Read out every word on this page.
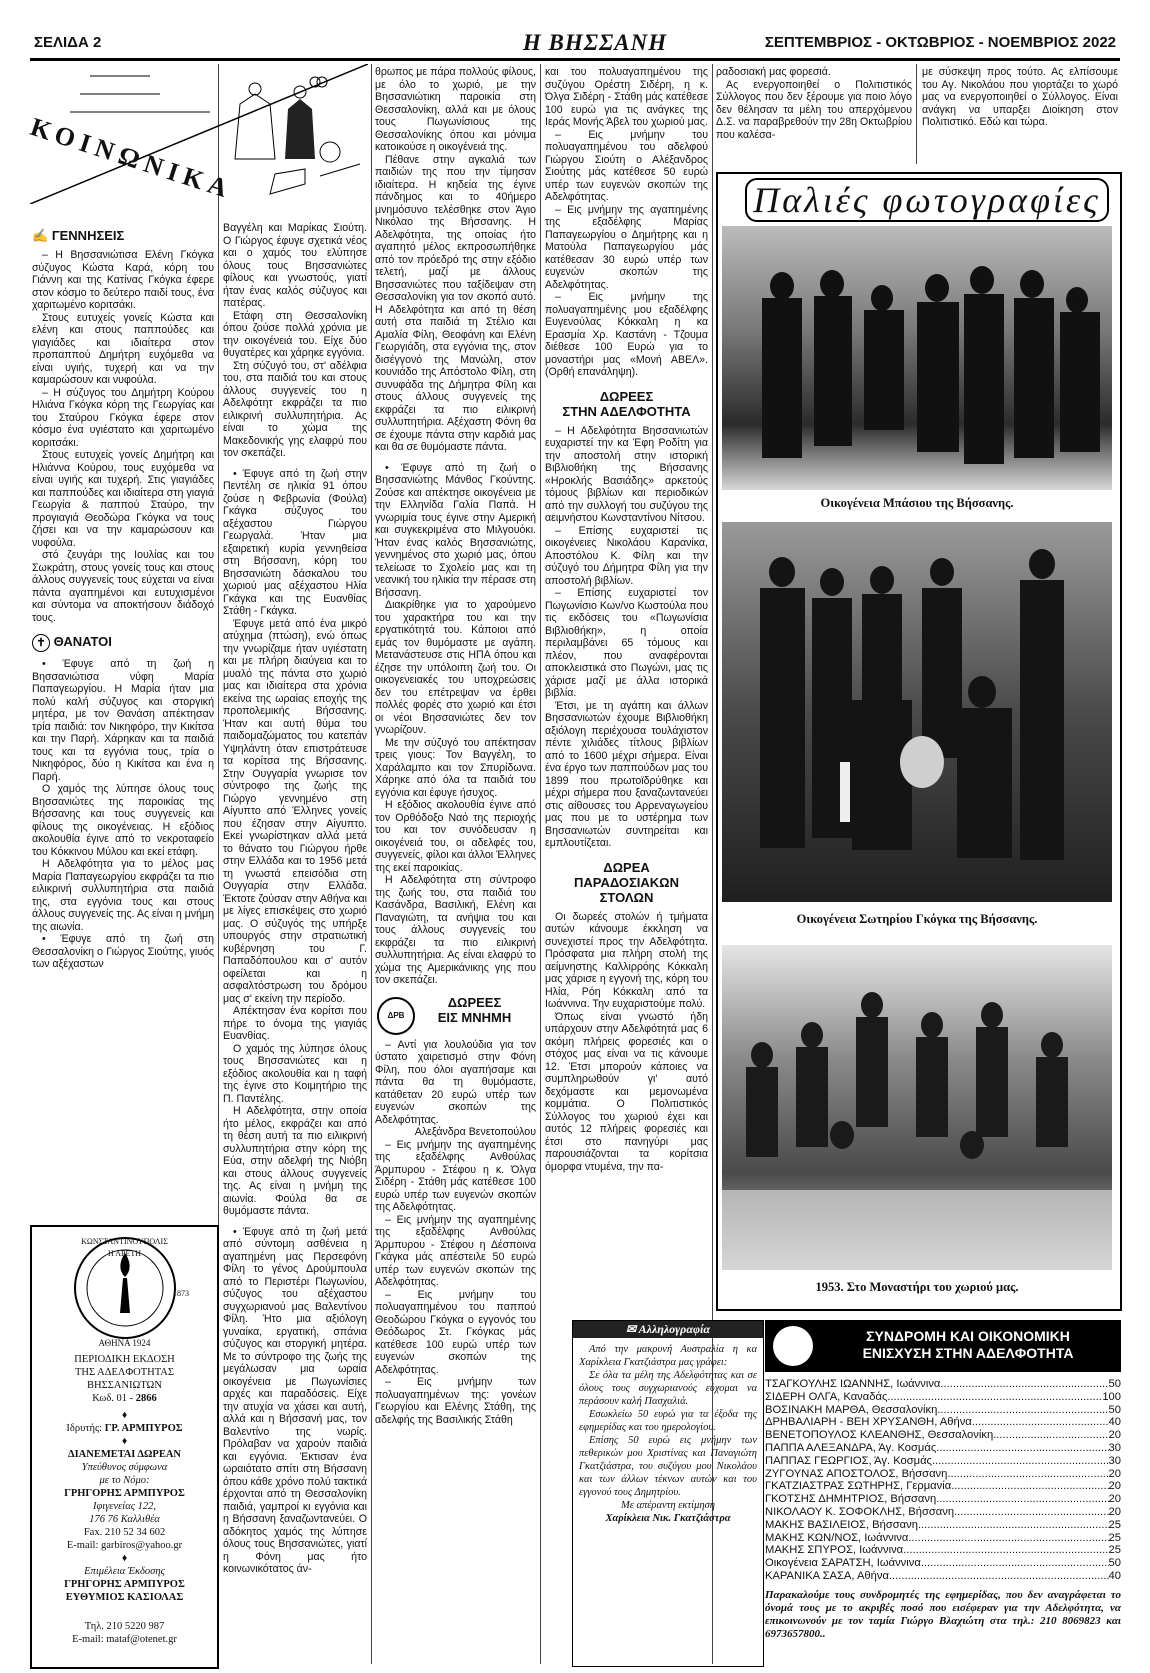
ΣΕΛΙΔΑ 2	Η ΒΗΣΣΑΝΗ	ΣΕΠΤΕΜΒΡΙΟΣ - ΟΚΤΩΒΡΙΟΣ - ΝΟΕΜΒΡΙΟΣ 2022
ΚΟΙΝΩΝΙΚΑ
✍ ΓΕΝΝΗΣΕΙΣ

– Η Βησσανιώτισα Ελένη Γκόγκα σύζυγος Κώστα Καρά, κόρη του Γιάννη και της Κατίνας Γκόγκα έφερε στον κόσμο το δεύτερο παιδί τους, ένα χαριτωμένο κοριτσάκι.

Στους ευτυχείς γονείς Κώστα και ελένη και στους παππούδες και γιαγιάδες και ιδιαίτερα στον προπαππού Δημήτρη ευχόμεθα να είναι υγιής, τυχερή και να την καμαρώσουν και νυφούλα.

– Η σύζυγος του Δημήτρη Κούρου Ηλιάνα Γκόγκα κόρη της Γεωργίας και του Σταύρου Γκόγκα έφερε στον κόσμο ένα υγιέστατο και χαριτωμένο κοριτσάκι.

Στους ευτυχείς γονείς Δημήτρη και Ηλιάννα Κούρου, τους ευχόμεθα να είναι υγιής και τυχερή. Στις γιαγιάδες και παππούδες και ιδιαίτερα στη γιαγιά Γεωργία & παππού Σταύρο, την προγιαγιά Θεοδώρα Γκόγκα να τους ζήσει και να την καμαρώσουν και νυφούλα.

στό ζευγάρι της Ιουλίας και του Σωκράτη, στους γονείς τους και στους άλλους συγγενείς τους εύχεται να είναι πάντα αγαπημένοι και ευτυχισμένοι και σύντομα να αποκτήσουν διάδοχό τους.

✝ ΘΑΝΑΤΟΙ

• Έφυγε από τη ζωή η Βησσανιώτισα νύφη Μαρία Παπαγεωργίου. Η Μαρία ήταν μια πολύ καλή σύζυγος και στοργική μητέρα, με τον Θανάση απέκτησαν τρία παιδιά: τον Νικηφόρο, την Κικίτσα και την Παρή. Χάρηκαν και τα παιδιά τους και τα εγγόνια τους, τρία ο Νικηφόρος, δύο η Κικίτσα και ένα η Παρή.

Ο χαμός της λύπησε όλους τους Βησσανιώτες της παροικίας της Βήσσανης και τους συγγενείς και φίλους της οικογένειας. Η εξόδιος ακολουθία έγινε από το νεκροταφείο του Κόκκινου Μύλου και εκεί ετάφη.

Η Αδελφότητα για το μέλος μας Μαρία Παπαγεωργίου εκφράζει τα πιο ειλικρινή συλλυπητήρια στα παιδιά της, στα εγγόνια τους και στους άλλους συγγενείς της. Ας είναι η μνήμη της αιωνία.

• Έφυγε από τη ζωή στη Θεσσαλονίκη ο Γιώργος Σιούτης, γιυός των αξέχαστων

ΚΩΝΣΤΑΝΤΙΝΟΥΠΟΛΙΣ
Η ΑΡΕΤΗ
1873
ΑΘΗΝΑ 1924
ΠΕΡΙΟΔΙΚΗ ΕΚΔΟΣΗ
ΤΗΣ ΑΔΕΛΦΟΤΗΤΑΣ
ΒΗΣΣΑΝΙΩΤΩΝ
Κωδ. 01 - 2866
♦
Ιδρυτής: ΓΡ. ΑΡΜΠΥΡΟΣ
♦
ΔΙΑΝΕΜΕΤΑΙ ΔΩΡΕΑΝ
Υπεύθυνος σύμφωνα
με το Νόμο:
ΓΡΗΓΟΡΗΣ ΑΡΜΠΥΡΟΣ
Ιφιγενείας 122,
176 76 Καλλιθέα
Fax. 210 52 34 602
E-mail: garbiros@yahoo.gr
♦
Επιμέλεια Έκδοσης
ΓΡΗΓΟΡΗΣ ΑΡΜΠΥΡΟΣ
ΕΥΘΥΜΙΟΣ ΚΑΣΙΟΛΑΣ
Τηλ. 210 5220 987
E-mail: mataf@otenet.gr

Βαγγέλη και Μαρίκας Σιούτη. Ο Γιώργος έφυγε σχετικά νέος και ο χαμός του ελύπησε όλους τους Βησσανιώτες φίλους και γνωστούς, γιατί ήταν ένας καλός σύζυγος και πατέρας.

Ετάφη στη Θεσσαλονίκη όπου ζούσε πολλά χρόνια με την οικογένειά του. Είχε δύο θυγατέρες και χάρηκε εγγόνια.

Στη σύζυγό του, στ' αδέλφια του, στα παιδιά του και στους άλλους συγγενείς του η Αδελφότητ εκφράζει τα πιο ειλικρινή συλλυπητήρια. Ας είναι το χώμα της Μακεδονικής γης ελαφρύ που τον σκεπάζει.

• Έφυγε από τη ζωή στην Πεντέλη σε ηλικία 91 όπου ζούσε η Φεβρωνία (Φούλα) Γκάγκα σύζυγος του αξέχαστου Γιώργου Γεωργαλά. Ήταν μια εξαιρετική κυρία γεννηθείσα στη Βήσσανη, κόρη του Βησσανιώτη δάσκαλου του χωριού μας αξέχαστου Ηλία Γκάγκα και της Ευανθίας Στάθη - Γκάγκα.

Έφυγε μετά από ένα μικρό ατύχημα (πτώση), ενώ όπως την γνωρίζαμε ήταν υγιέστατη και με πλήρη διαύγεια και το μυαλό της πάντα στο χωριό μας και ιδιαίτερα στα χρόνια εκείνα της ωραίας εποχής της προπολεμικής Βήσσανης. Ήταν και αυτή θύμα του παιδομαζώματος του κατεπάν Υψηλάντη όταν επιστράτευσε τα κορίτσα της Βήσσανης. Στην Ουγγαρία γνωρισε τον σύντροφο της ζωής της Γιώργο γεννημένο στη Αίγυπτο από Έλληνες γονείς που έζησαν στην Αίγυπτο. Εκεί γνωρίστηκαν αλλά μετά το θάνατο του Γιώργου ήρθε στην Ελλάδα και το 1956 μετά τη γνωστά επεισόδια στη Ουγγαρία στην Ελλάδα. Έκτοτε ζούσαν στην Αθήνα και με λίγες επισκέψεις στο χωριό μας. Ο σύζυγός της υπήρξε υπουργός στην στρατιωτική κυβέρνηση του Γ. Παπαδόπουλου και σ' αυτόν οφείλεται και η ασφαλτόστρωση του δρόμου μας σ' εκείνη την περίοδο.

Απέκτησαν ένα κορίτσι που πήρε το όνομα της γιαγιάς Ευανθίας.

Ο χαμός της λύπησε όλους τους Βησσανιώτες και η εξόδιος ακολουθία και η ταφή της έγινε στο Κοιμητήριο της Π. Παντέλης.

Η Αδελφότητα, στην οποία ήτο μέλος, εκφράζει και από τη θέση αυτή τα πιο ειλικρινή συλλυπητήρια στην κόρη της Εύα, στην αδελφή της Νιόβη και στους άλλους συγγενείς της. Ας είναι η μνήμη της αιωνία. Φούλα θα σε θυμόμαστε πάντα.

• Έφυγε από τη ζωή μετά από σύντομη ασθένεια η αγαπημένη μας Περσεφόνη Φίλη το γένος Δρούμπουλα από το Περιστέρι Πωγωνίου, σύζυγος του αξέχαστου συγχωριανού μας Βαλεντίνου Φίλη. Ήτο μια αξιόλογη γυναίκα, εργατική, σπάνια σύζυγος και στοργική μητέρα. Με το σύντροφο της ζωής της μεγάλωσαν μια ωραία οικογένεια με Πωγωνίσιες αρχές και παραδόσεις. Είχε την ατυχία να χάσει και αυτή, αλλά και η Βήσσανή μας, τον Βαλεντίνο της νωρίς. Πρόλαβαν να χαρούν παιδιά και εγγόνια. Έκτισαν ένα ωραιότατο σπίτι στη Βήσσανη όπου κάθε χρόνο πολύ τακτικά έρχονται από τη Θεσσαλονίκη παιδιά, γαμπροί κι εγγόνια και η Βήσσανη ξαναζωντανεύει. Ο αδόκητος χαμός της λύπησε όλους τους Βησσανιώτες, γιατί η Φόνη μας ήτο κοινωνικότατος άν-

θρωπος με πάρα πολλούς φίλους, με όλο το χωριό, με την Βησσανιώτικη παροικία στη Θεσσαλονίκη, αλλά και με όλους τους Πωγωνίσιους της Θεσσαλονίκης όπου και μόνιμα κατοικούσε η οικογένειά της.

Πέθανε στην αγκαλιά των παιδιών της που την τίμησαν ιδιαίτερα. Η κηδεία της έγινε πάνδημος και το 40ήμερο μνημόσυνο τελέσθηκε στον Άγιο Νικόλαο της Βήσσανης. Η Αδελφότητα, της οποίας ήτο αγαπητό μέλος εκπροσωπήθηκε από τον πρόεδρό της στην εξόδιο τελετή, μαζί με άλλους Βησσανιώτες που ταξίδεψαν στη Θεσσαλονίκη για τον σκοπό αυτό. Η Αδελφότητα και από τη θέση αυτή στα παιδιά τη Στέλιο και Αμαλία Φίλη, Θεοφάνη και Ελένη Γεωργιάδη, στα εγγόνια της, στον δισέγγονό της Μανώλη, στον κουνιάδο της Απόστολο Φίλη, στη συνυφάδα της Δήμητρα Φίλη και στους άλλους συγγενείς της εκφράζει τα πιο ειλικρινή συλλυπητήρια. Αξέχαστη Φόνη θα σε έχουμε πάντα στην καρδιά μας και θα σε θυμόμαστε πάντα.

• Έφυγε από τη ζωή ο Βησσανιώτης Μάνθος Γκούντης. Ζούσε και απέκτησε οικογένεια με την Ελληνίδα Γαλία Παπά. Η γνωριμία τους έγινε στην Αμερική και συγκεκριμένα στο Μιλγουόκι. Ήταν ένας καλός Βησσανιώτης, γεννημένος στο χωριό μας, όπου τελείωσε το Σχολείο μας και τη νεανική του ηλικία την πέρασε στη Βήσσανη.

Διακρίθηκε για το χαρούμενο του χαρακτήρα του και την εργατικότητά του. Κάποιοι από εμάς τον θυμόμαστε με αγάπη. Μετανάστευσε στις ΗΠΑ όπου και έζησε την υπόλοιπη ζωή του. Οι οικογενειακές του υποχρεώσεις δεν του επέτρεψαν να έρθει πολλές φορές στο χωριό και έτσι οι νέοι Βησσανιώτες δεν τον γνωρίζουν.

Με την σύζυγό του απέκτησαν τρεις γιους: Τον Βαγγέλη, το Χαράλαμπο και τον Σπυρίδωνα. Χάρηκε από όλα τα παιδιά του εγγόνια και έφυγε ήσυχος.

Η εξόδιος ακολουθία έγινε από τον Ορθόδοξο Ναό της περιοχής του και τον συνόδευσαν η οικογένειά του, οι αδελφές του, συγγενείς, φίλοι και άλλοι Έλληνες της εκεί παροικίας.

Η Αδελφότητα στη σύντροφο της ζωής του, στα παιδιά του Κασάνδρα, Βασιλική, Ελένη και Παναγιώτη, τα ανήψια του και τους άλλους συγγενείς του εκφράζει τα πιο ειλικρινή συλλυπητήρια. Ας είναι ελαφρύ το χώμα της Αμερικάνικης γης που τον σκεπάζει.

ΔΡΒ
ΔΩΡΕΕΣ
ΕΙΣ ΜΝΗΜΗ

– Αντί για λουλούδια για τον ύστατο χαιρετισμό στην Φόνη Φίλη, που όλοι αγαπήσαμε και πάντα θα τη θυμόμαστε, κατάθεταν 20 ευρώ υπέρ των ευγενών σκοπών της Αδελφότητας.

Αλεξάνδρα Βενετοπούλου

– Εις μνήμην της αγαπημένης της εξαδέλφης Ανθούλας Άρμπυρου - Στέφου η κ. Όλγα Σιδέρη - Στάθη μάς κατέθεσε 100 ευρώ υπέρ των ευγενών σκοπών της Αδελφότητας.

– Εις μνήμην της αγαπημένης της εξαδέλφης Ανθούλας Άρμπυρου - Στέφου η Δέσποινα Γκάγκα μάς απέστειλε 50 ευρώ υπέρ των ευγενών σκοπών της Αδελφότητας.

– Εις μνήμην του πολυαγαπημένου του παππού Θεοδώρου Γκόγκα ο εγγονός του Θεόδωρος Στ. Γκόγκας μάς κατέθεσε 100 ευρώ υπέρ των ευγενών σκοπών της Αδελφότητας.

– Εις μνήμην των πολυαγαπημένων της: γονέων Γεωργίου και Ελένης Στάθη, της αδελφής της Βασιλικής Στάθη

και του πολυαγαπημένου της συζύγου Ορέστη Σιδέρη, η κ. Όλγα Σιδέρη - Στάθη μάς κατέθεσε 100 ευρώ για τις ανάγκες της Ιεράς Μονής Άβελ του χωριού μας.

– Εις μνήμην του πολυαγαπημένου του αδελφού Γιώργου Σιούτη ο Αλέξανδρος Σιούτης μάς κατέθεσε 50 ευρώ υπέρ των ευγενών σκοπών της Αδελφότητας.

– Εις μνήμην της αγαπημένης της εξαδέλφης Μαρίας Παπαγεωργίου ο Δημήτρης και η Ματούλα Παπαγεωργίου μάς κατέθεσαν 30 ευρώ υπέρ των ευγενών σκοπών της Αδελφότητας.

– Εις μνήμην της πολυαγαπημένης μου εξαδέλφης Ευγενούλας Κόκκαλη η κα Ερασμία Χρ. Καστάνη - Τζουμα διέθεσε 100 Ευρώ για το μοναστήρι μας «Μονή ΑΒΕΛ». (Ορθή επανάληψη).

ΔΩΡΕΕΣ
ΣΤΗΝ ΑΔΕΛΦΟΤΗΤΑ

– Η Αδελφότητα Βησσανιωτών ευχαριστεί την κα Έφη Ροδίτη για την αποστολή στην ιστορική Βιβλιοθήκη της Βήσσανης «Ηροκλής Βασιάδης» αρκετούς τόμους βιβλίων και περιοδικών από την συλλογή του συζύγου της αειμνήστου Κωνσταντίνου Νίτσου.

– Επίσης ευχαριστεί τις οικογένειες Νικολάου Καρανίκα, Αποστόλου Κ. Φίλη και την σύζυγό του Δήμητρα Φίλη για την αποστολή βιβλίων.

– Επίσης ευχαριστεί τον Πωγωνίσιο Κων/νο Κωστούλα που τις εκδόσεις του «Πωγωνίσια Βιβλιοθήκη», η οποία περιλαμβάνει 65 τόμους και πλέον, που αναφέρονται αποκλειστικά στο Πωγώνι, μας τις χάρισε μαζί με άλλα ιστορικά βιβλία.

Έτσι, με τη αγάπη και άλλων Βησσανιωτών έχουμε Βιβλιοθήκη αξιόλογη περιέχουσα τουλάχιστον πέντε χιλιάδες τίτλους βιβλίων από το 1600 μέχρι σήμερα. Είναι ένα έργο των παππούδων μας του 1899 που πρωτοϊδρύθηκε και μέχρι σήμερα που ξαναζωντανεύει στις αίθουσες του Αρρεναγωγείου μας που με το υστέρημα των Βησσανιωτών συντηρείται και εμπλουτίζεται.

ΔΩΡΕΑ
ΠΑΡΑΔΟΣΙΑΚΩΝ
ΣΤΟΛΩΝ

Οι δωρεές στολών ή τμήματα αυτών κάνουμε έκκληση να συνεχιστεί προς την Αδελφότητα. Πρόσφατα μια πλήρη στολή της αείμνηστης Καλλιρρόης Κόκκαλη μας χάρισε η εγγονή της, κόρη του Ηλία, Ρόη Κόκκαλη από τα Ιωάννινα. Την ευχαριστούμε πολύ.

Όπως είναι γνωστό ήδη υπάρχουν στην Αδελφότητά μας 6 ακόμη πλήρεις φορεσιές και ο στόχος μας είναι να τις κάνουμε 12. Έτσι μπορούν κάποιες να συμπληρωθούν γι' αυτό δεχόμαστε και μεμονωμένα κομμάτια. Ο Πολιτιστικός Σύλλογος του χωριού έχει και αυτός 12 πλήρεις φορεσιές και έτσι στο πανηγύρι μας παρουσιάζονται τα κορίτσια όμορφα ντυμένα, την πα-

ραδοσιακή μας φορεσιά.

Ας ενεργοποιηθεί ο Πολιτιστικός Σύλλογος που δεν ξέρουμε για ποιο λόγο δεν θέλησαν τα μέλη του απερχόμενου Δ.Σ. να παραβρεθούν την 28η Οκτωβρίου που καλέσα-

με σύσκεψη προς τούτο. Ας ελπίσουμε του Αγ. Νικολάου που γιορτάζει το χωρό μας να ενεργοποιηθεί ο Σύλλογος. Είναι ανάγκη να υπαρξει Διοίκηση στον Πολιτιστικό. Εδώ και τώρα.

Παλιές φωτογραφίες
Οικογένεια Μπάσιου της Βήσσανης.
Οικογένεια Σωτηρίου Γκόγκα της Βήσσανης.
1953. Στο Μοναστήρι του χωριού μας.
✉ Αλληλογραφία

Από την μακρυνή Αυστραλία η κα Χαρίκλεια Γκατζιάστρα μας γράφει:

Σε όλα τα μέλη της Αδελφότητας και σε όλους τους συγχωριανούς εύχομαι να περάσουν καλή Πασχαλιά.

Εσωκλείω 50 ευρώ για τα έξοδα της εφημερίδας και του ημερολογίου.

Επίσης 50 ευρώ εις μνήμην των πεθερικών μου Χριστίνας και Παναγιώτη Γκατζιάστρα, του συζύγου μου Νικολάου και των άλλων τέκνων αυτών και του εγγονού τους Δημητρίου.

Με απέραντη εκτίμηση

Χαρίκλεια Νικ. Γκατζιάστρα

ΣΥΝΔΡΟΜΗ ΚΑΙ ΟΙΚΟΝΟΜΙΚΗ
ΕΝΙΣΧΥΣΗ ΣΤΗΝ ΑΔΕΛΦΟΤΗΤΑ
ΤΣΑΓΚΟΥΛΗΣ ΙΩΑΝΝΗΣ, Ιωάννινα .....	50
ΣΙΔΕΡΗ ΟΛΓΑ, Καναδάς .....	100
ΒΟΣΙΝΑΚΗ ΜΑΡΘΑ, Θεσσαλονίκη .....	50
ΔΡΗΒΑΛΙΑΡΗ - ΒΕΗ ΧΡΥΣΑΝΘΗ, Αθήνα .....	40
ΒΕΝΕΤΟΠΟΥΛΟΣ ΚΛΕΑΝΘΗΣ, Θεσσαλονίκη .....	20
ΠΑΠΠΑ ΑΛΕΞΑΝΔΡΑ, Άγ. Κοσμάς .....	30
ΠΑΠΠΑΣ ΓΕΩΡΓΙΟΣ, Άγ. Κοσμάς .....	30
ΖΥΓΟΥΝΑΣ ΑΠΟΣΤΟΛΟΣ, Βήσσανη .....	20
ΓΚΑΤΖΙΑΣΤΡΑΣ ΣΩΤΗΡΗΣ, Γερμανία .....	20
ΓΚΟΤΣΗΣ ΔΗΜΗΤΡΙΟΣ, Βήσσανη .....	20
ΝΙΚΟΛΑΟΥ Κ. ΣΟΦΟΚΛΗΣ, Βήσσανη .....	20
ΜΑΚΗΣ ΒΑΣΙΛΕΙΟΣ, Βήσσανη .....	25
ΜΑΚΗΣ ΚΩΝ/ΝΟΣ, Ιωάννινα .....	25
ΜΑΚΗΣ ΣΠΥΡΟΣ, Ιωάννινα .....	25
Οικογένεια ΣΑΡΑΤΣΗ, Ιωάννινα .....	50
ΚΑΡΑΝΙΚΑ ΣΑΣΑ, Αθήνα .....	40
Παρακαλούμε τους συνδρομητές της εφημερίδας, που δεν αναγράφεται το όνομά τους με το ακριβές ποσό που εισέφεραν για την Αδελφότητα, να επικοινωνούν με τον ταμία Γιώργο Βλαχιώτη στα τηλ.: 210 8069823 και 6973657800..
